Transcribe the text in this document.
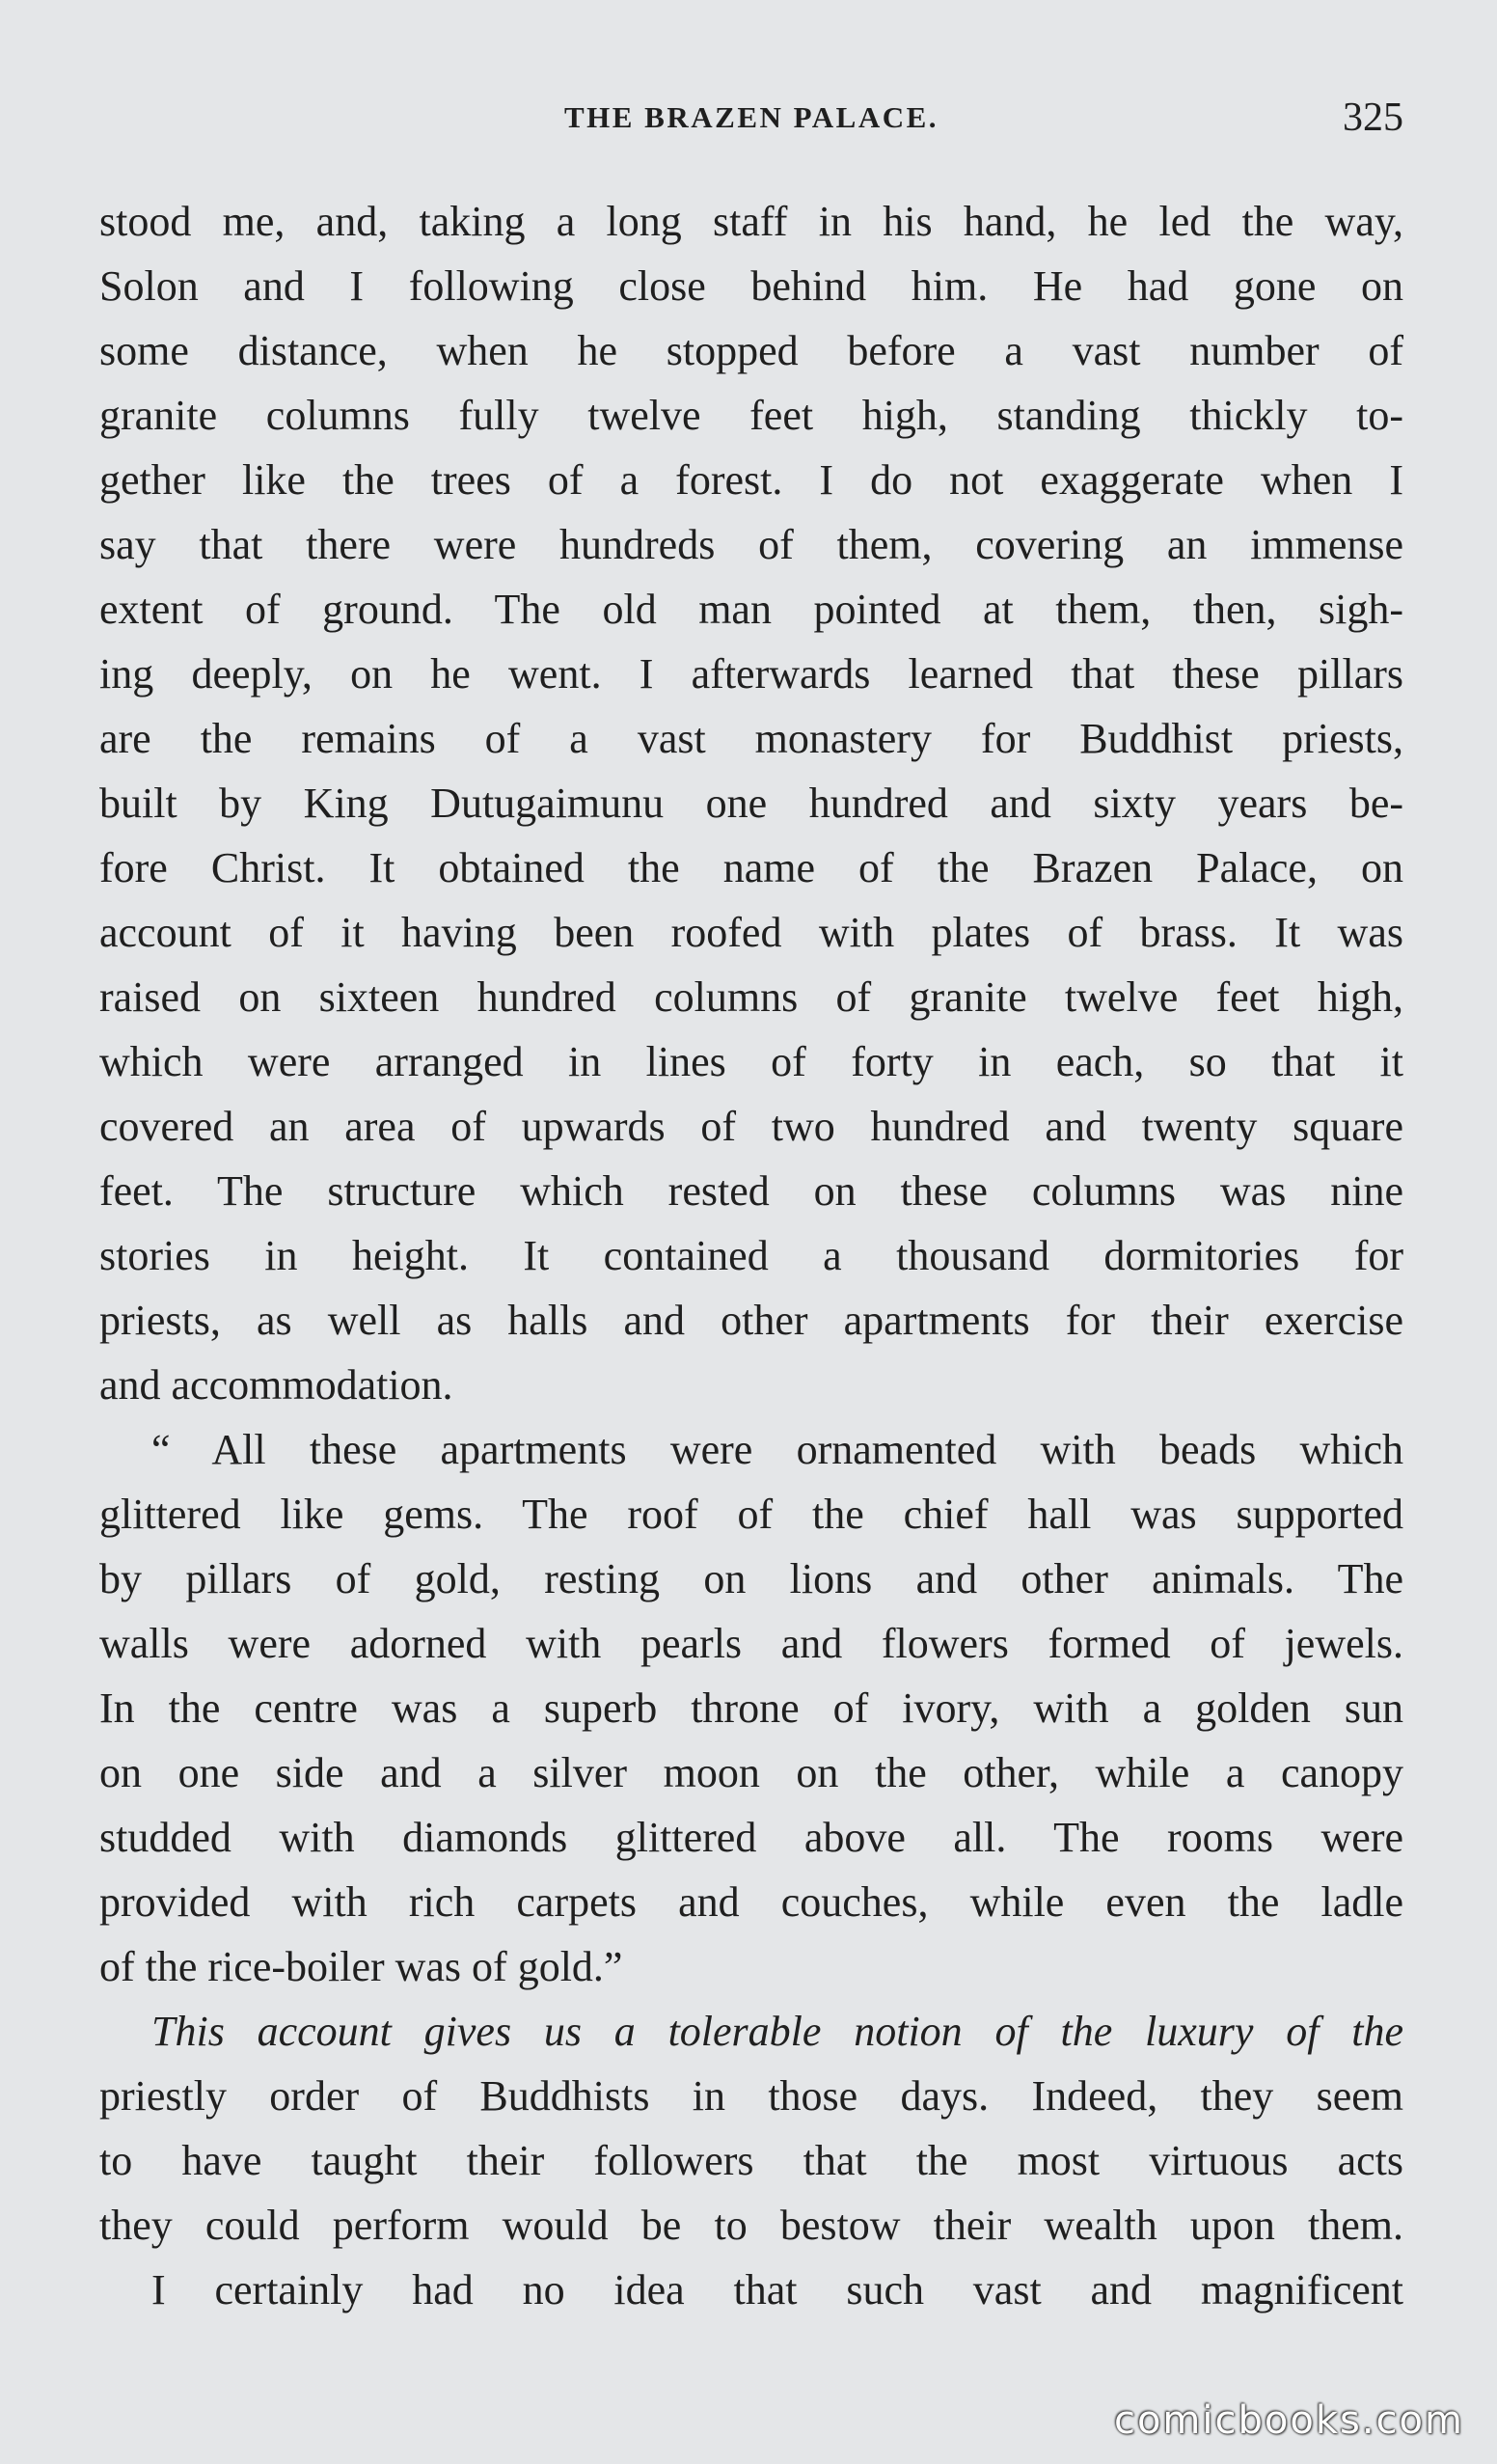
THE BRAZEN PALACE.	325
stood me, and, taking a long staff in his hand, he led the way,
Solon and I following close behind him. He had gone on
some distance, when he stopped before a vast number of
granite columns fully twelve feet high, standing thickly to-
gether like the trees of a forest. I do not exaggerate when I
say that there were hundreds of them, covering an immense
extent of ground. The old man pointed at them, then, sigh-
ing deeply, on he went. I afterwards learned that these pillars
are the remains of a vast monastery for Buddhist priests,
built by King Dutugaimunu one hundred and sixty years be-
fore Christ. It obtained the name of the Brazen Palace, on
account of it having been roofed with plates of brass. It was
raised on sixteen hundred columns of granite twelve feet high,
which were arranged in lines of forty in each, so that it
covered an area of upwards of two hundred and twenty square
feet. The structure which rested on these columns was nine
stories in height. It contained a thousand dormitories for
priests, as well as halls and other apartments for their exercise
and accommodation.
“ All these apartments were ornamented with beads which
glittered like gems. The roof of the chief hall was supported
by pillars of gold, resting on lions and other animals. The
walls were adorned with pearls and flowers formed of jewels.
In the centre was a superb throne of ivory, with a golden sun
on one side and a silver moon on the other, while a canopy
studded with diamonds glittered above all. The rooms were
provided with rich carpets and couches, while even the ladle
of the rice-boiler was of gold.”
This account gives us a tolerable notion of the luxury of the
priestly order of Buddhists in those days. Indeed, they seem
to have taught their followers that the most virtuous acts
they could perform would be to bestow their wealth upon them.
I certainly had no idea that such vast and magnificent
comicbooks.com
